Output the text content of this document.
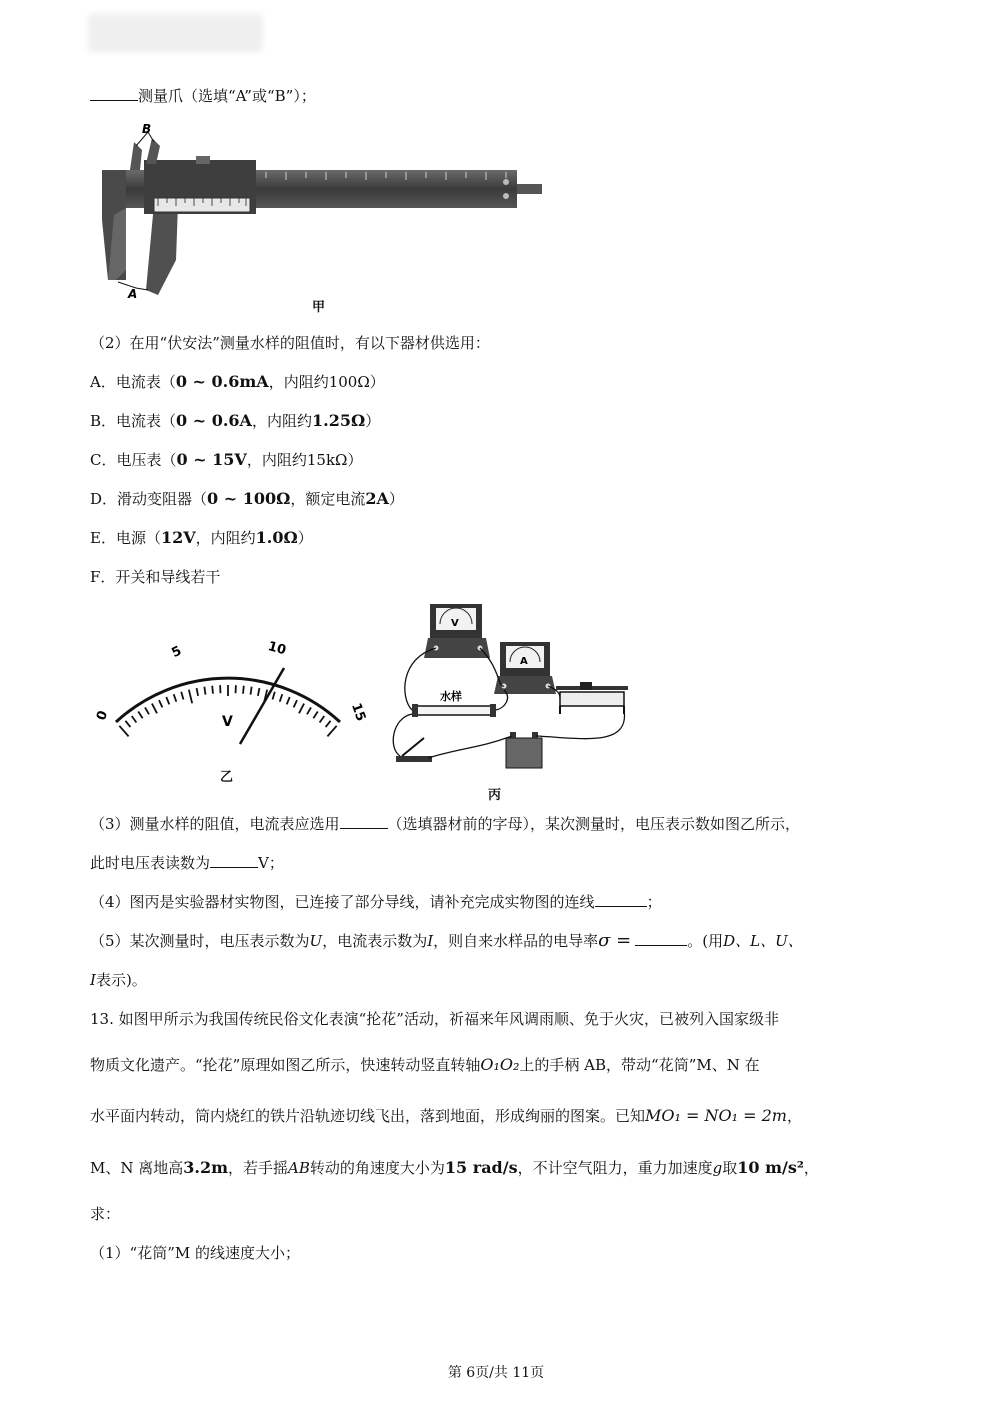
测量爪（选填“A”或“B”）；
B
A
甲
（2）在用“伏安法”测量水样的阻值时，有以下器材供选用：
A．电流表（0 ~ 0.6mA，内阻约100Ω）
B．电流表（0 ~ 0.6A，内阻约1.25Ω）
C．电压表（0 ~ 15V，内阻约15kΩ）
D．滑动变阻器（0 ~ 100Ω，额定电流2A）
E．电源（12V，内阻约1.0Ω）
F．开关和导线若干
0
5	10
15
V
乙
V
A
水样
丙
（3）测量水样的阻值，电流表应选用	（选填器材前的字母），某次测量时，电压表示数如图乙所示，
此时电压表读数为	V；
（4）图丙是实验器材实物图，已连接了部分导线，请补充完成实物图的连线	；
（5）某次测量时，电压表示数为U，电流表示数为I，则自来水样品的电导率σ =	。(用D、L、U、
I表示)。
13. 如图甲所示为我国传统民俗文化表演“抡花”活动，祈福来年风调雨顺、免于火灾，已被列入国家级非
物质文化遗产。“抡花”原理如图乙所示，快速转动竖直转轴O₁O₂上的手柄 AB，带动“花筒”M、N 在
水平面内转动，筒内烧红的铁片沿轨迹切线飞出，落到地面，形成绚丽的图案。已知MO₁ = NO₁ = 2m，
M、N 离地高3.2m，若手摇AB转动的角速度大小为15 rad/s，不计空气阻力，重力加速度g取10 m/s²，
求：
（1）“花筒”M 的线速度大小；
第 6页/共 11页
